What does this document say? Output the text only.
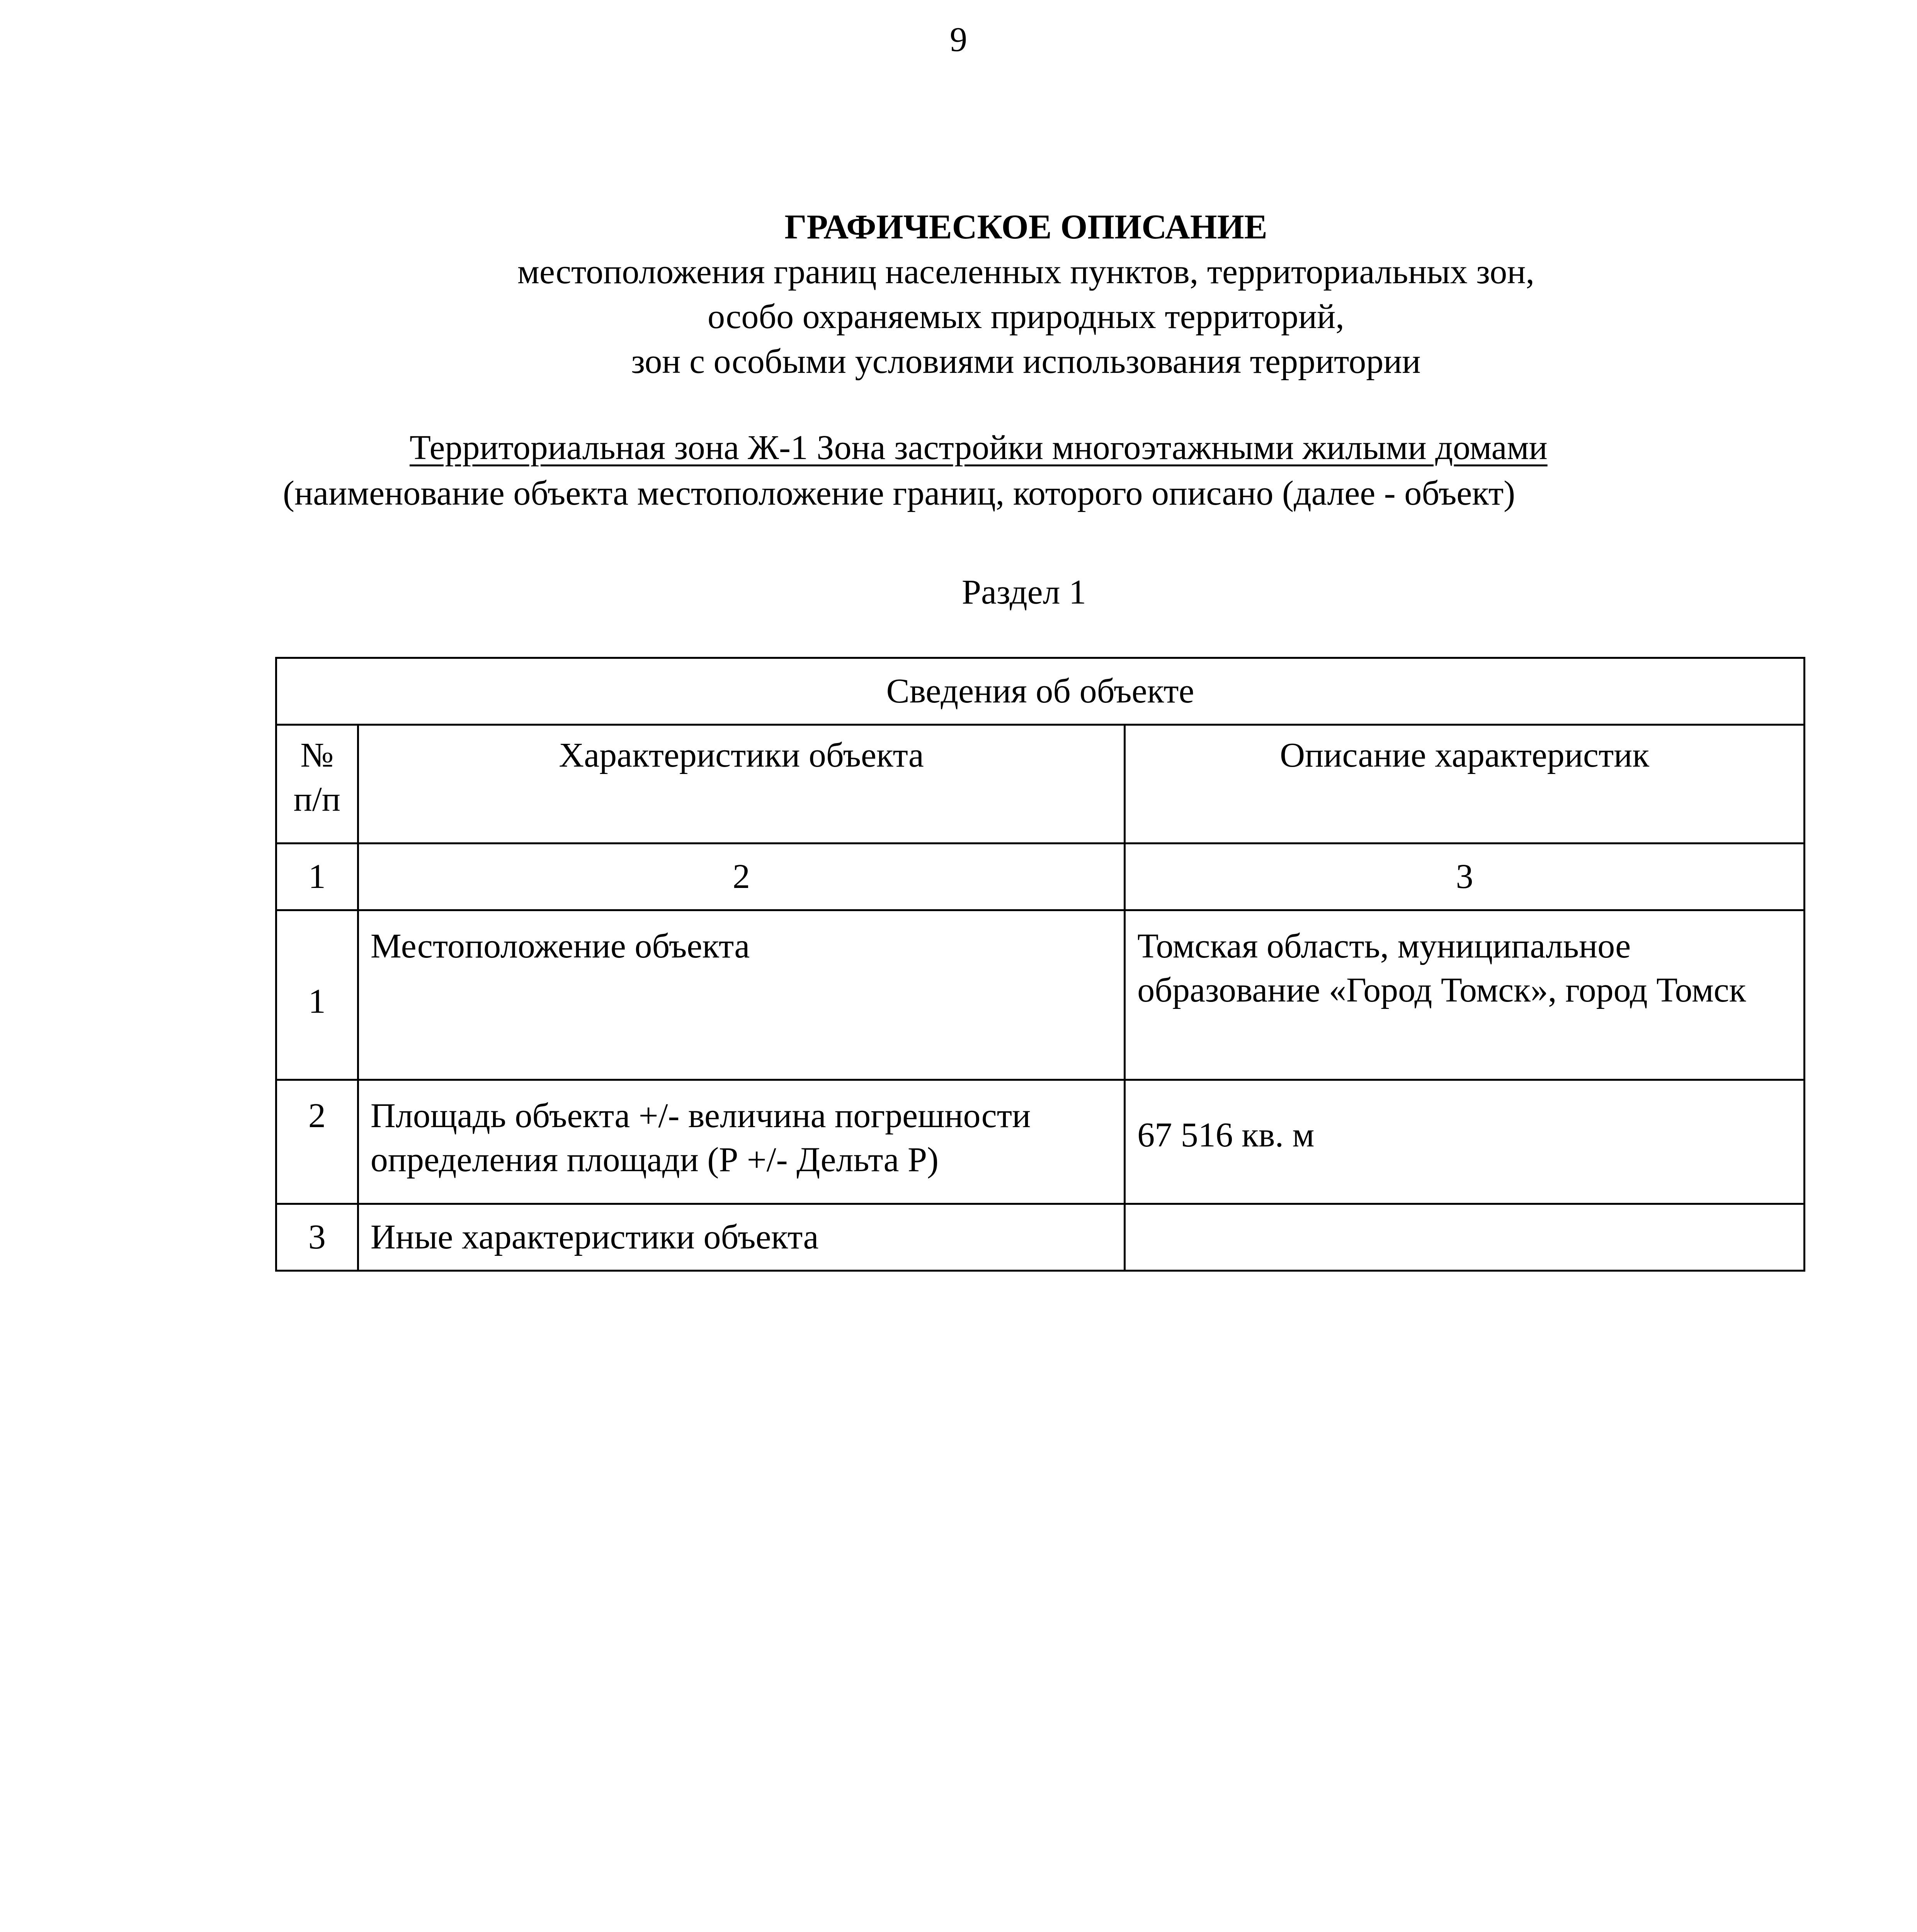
9
ГРАФИЧЕСКОЕ ОПИСАНИЕ
местоположения границ населенных пунктов, территориальных зон,
особо охраняемых природных территорий,
зон с особыми условиями использования территории
Территориальная зона Ж-1 Зона застройки многоэтажными жилыми домами
(наименование объекта местоположение границ, которого описано (далее - объект)
Раздел 1
Сведения об объекте		
№ п/п	Характеристики объекта	Описание характеристик
1	2	3
1	Местоположение объекта	Томская область, муниципальное образование «Город Томск», город Томск
2	Площадь объекта +/- величина погрешности определения площади (Р +/- Дельта Р)	67 516 кв. м

3	Иные характеристики объекта	
